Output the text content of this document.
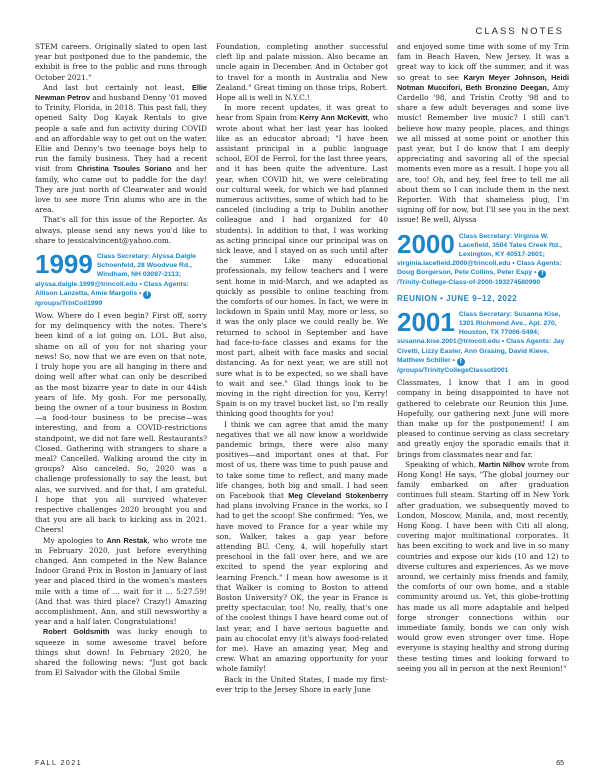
CLASS NOTES

STEM careers. Originally slated to open last year but postponed due to the pandemic, the exhibit is free to the public and runs through October 2021."

And last but certainly not least, Ellie Newman Petrov and husband Denny '01 moved to Trinity, Florida, in 2018. This past fall, they opened Salty Dog Kayak Rentals to give people a safe and fun activity during COVID and an affordable way to get out on the water. Ellie and Denny's two teenage boys help to run the family business. They had a recent visit from Christina Tsoules Soriano and her family, who came out to paddle for the day! They are just north of Clearwater and would love to see more Trin alums who are in the area.

That's all for this issue of the Reporter. As always, please send any news you'd like to share to jessicalvincent@yahoo.com.

1999 Class Secretary: Alyssa Daigle Schoenfeld, 28 Woodvue Rd., Windham, NH 03087-2113; alyssa.daigle.1999@trincoll.edu • Class Agents: Allison Lanzetta, Amie Margolis • f/groups/TrinColl1999

Wow. Where do I even begin? First off, sorry for my delinquency with the notes. There's been kind of a lot going on. LOL. But also, shame on all of you for not sharing your news! So, now that we are even on that note, I truly hope you are all hanging in there and doing well after what can only be described as the most bizarre year to date in our 44ish years of life. My gosh. For me personally, being the owner of a tour business in Boston—a food-tour business to be precise—was interesting, and from a COVID-restrictions standpoint, we did not fare well. Restaurants? Closed. Gathering with strangers to share a meal? Cancelled. Walking around the city in groups? Also canceled. So, 2020 was a challenge professionally to say the least, but alas, we survived, and for that, I am grateful. I hope that you all survived whatever respective challenges 2020 brought you and that you are all back to kicking ass in 2021. Cheers!

My apologies to Ann Restak, who wrote me in February 2020, just before everything changed. Ann competed in the New Balance Indoor Grand Prix in Boston in January of last year and placed third in the women's masters mile with a time of ... wait for it ... 5:27.59! (And that was third place? Crazy!) Amazing accomplishment, Ann, and still newsworthy a year and a half later. Congratulations!

Robert Goldsmith was lucky enough to squeeze in some awesome travel before things shut down! In February 2020, he shared the following news: "Just got back from El Salvador with the Global Smile

Foundation, completing another successful cleft lip and palate mission. Also became an uncle again in December. And in October got to travel for a month in Australia and New Zealand." Great timing on those trips, Robert. Hope all is well in N.Y.C.!

In more recent updates, it was great to hear from Spain from Kerry Ann McKevitt, who wrote about what her last year has looked like as an educator abroad: "I have been assistant principal in a public language school, EOI de Ferrol, for the last three years, and it has been quite the adventure. Last year, when COVID hit, we were celebrating our cultural week, for which we had planned numerous activities, some of which had to be canceled (including a trip to Dublin another colleague and I had organized for 40 students). In addition to that, I was working as acting principal since our principal was on sick leave, and I stayed on as such until after the summer. Like many educational professionals, my fellow teachers and I were sent home in mid-March, and we adapted as quickly as possible to online teaching from the comforts of our homes. In fact, we were in lockdown in Spain until May, more or less, so it was the only place we could really be. We returned to school in September and have had face-to-face classes and exams for the most part, albeit with face masks and social distancing. As for next year, we are still not sure what is to be expected, so we shall have to wait and see." Glad things look to be moving in the right direction for you, Kerry! Spain is on my travel bucket list, so I'm really thinking good thoughts for you!

I think we can agree that amid the many negatives that we all now know a worldwide pandemic brings, there were also many positives—and important ones at that. For most of us, there was time to push pause and to take some time to reflect, and many made life changes, both big and small. I had seen on Facebook that Meg Cleveland Stokenberry had plans involving France in the works, so I had to get the scoop! She confirmed: "Yes, we have moved to France for a year while my son, Walker, takes a gap year before attending BU. Ceny, 4, will hopefully start preschool in the fall over here, and we are excited to spend the year exploring and learning French." I mean how awesome is it that Walker is coming to Boston to attend Boston University? OK, the year in France is pretty spectacular, too! No, really, that's one of the coolest things I have heard come out of last year, and I have serious baguette and pain au chocolat envy (it's always food-related for me). Have an amazing year, Meg and crew. What an amazing opportunity for your whole family!

Back in the United States, I made my first-ever trip to the Jersey Shore in early June

and enjoyed some time with some of my Trin fam in Beach Haven, New Jersey. It was a great way to kick off the summer, and it was so great to see Karyn Meyer Johnson, Heidi Notman Muccifori, Beth Bronzino Deegan, Amy Cardello '98, and Tristin Crotty '98 and to share a few adult beverages and some live music! Remember live music? I still can't believe how many people, places, and things we all missed at some point or another this past year, but I do know that I am deeply appreciating and savoring all of the special moments even more as a result. I hope you all are, too! Oh, and hey, feel free to tell me all about them so I can include them in the next Reporter. With that shameless plug, I'm signing off for now, but I'll see you in the next issue! Be well, Alyssa

2000 Class Secretary: Virginia W. Lacefield, 3504 Tates Creek Rd., Lexington, KY 40517-2601; virginia.lacefield.2000@trincoll.edu • Class Agents: Doug Borgerson, Pete Collins, Peter Espy • f/Trinity-College-Class-of-2000-193274580990
REUNION • JUNE 9–12, 2022
2001 Class Secretary: Susanna Kise, 1301 Richmond Ave., Apt. 270, Houston, TX 77006-5494; susanna.kise.2001@trincoll.edu • Class Agents: Jay Civetti, Lizzy Easter, Ann Grasing, David Kieve, Matthew Schiller • f/groups/TrinityCollegeClassof2001

Classmates, I know that I am in good company in being disappointed to have not gathered to celebrate our Reunion this June. Hopefully, our gathering next June will more than make up for the postponement! I am pleased to continue serving as class secretary and greatly enjoy the sporadic emails that it brings from classmates near and far.

Speaking of which, Martin Nilhov wrote from Hong Kong! He says, "The global journey our family embarked on after graduation continues full steam. Starting off in New York after graduation, we subsequently moved to London, Moscow, Manila, and, most recently, Hong Kong. I have been with Citi all along, covering major multinational corporates. It has been exciting to work and live in so many countries and expose our kids (10 and 12) to diverse cultures and experiences. As we move around, we certainly miss friends and family, the comforts of our own home, and a stable community around us. Yet, this globe-trotting has made us all more adaptable and helped forge stronger connections within our immediate family, bonds we can only wish would grow even stronger over time. Hope everyone is staying healthy and strong during these testing times and looking forward to seeing you all in person at the next Reunion!"

FALL 2021	65
